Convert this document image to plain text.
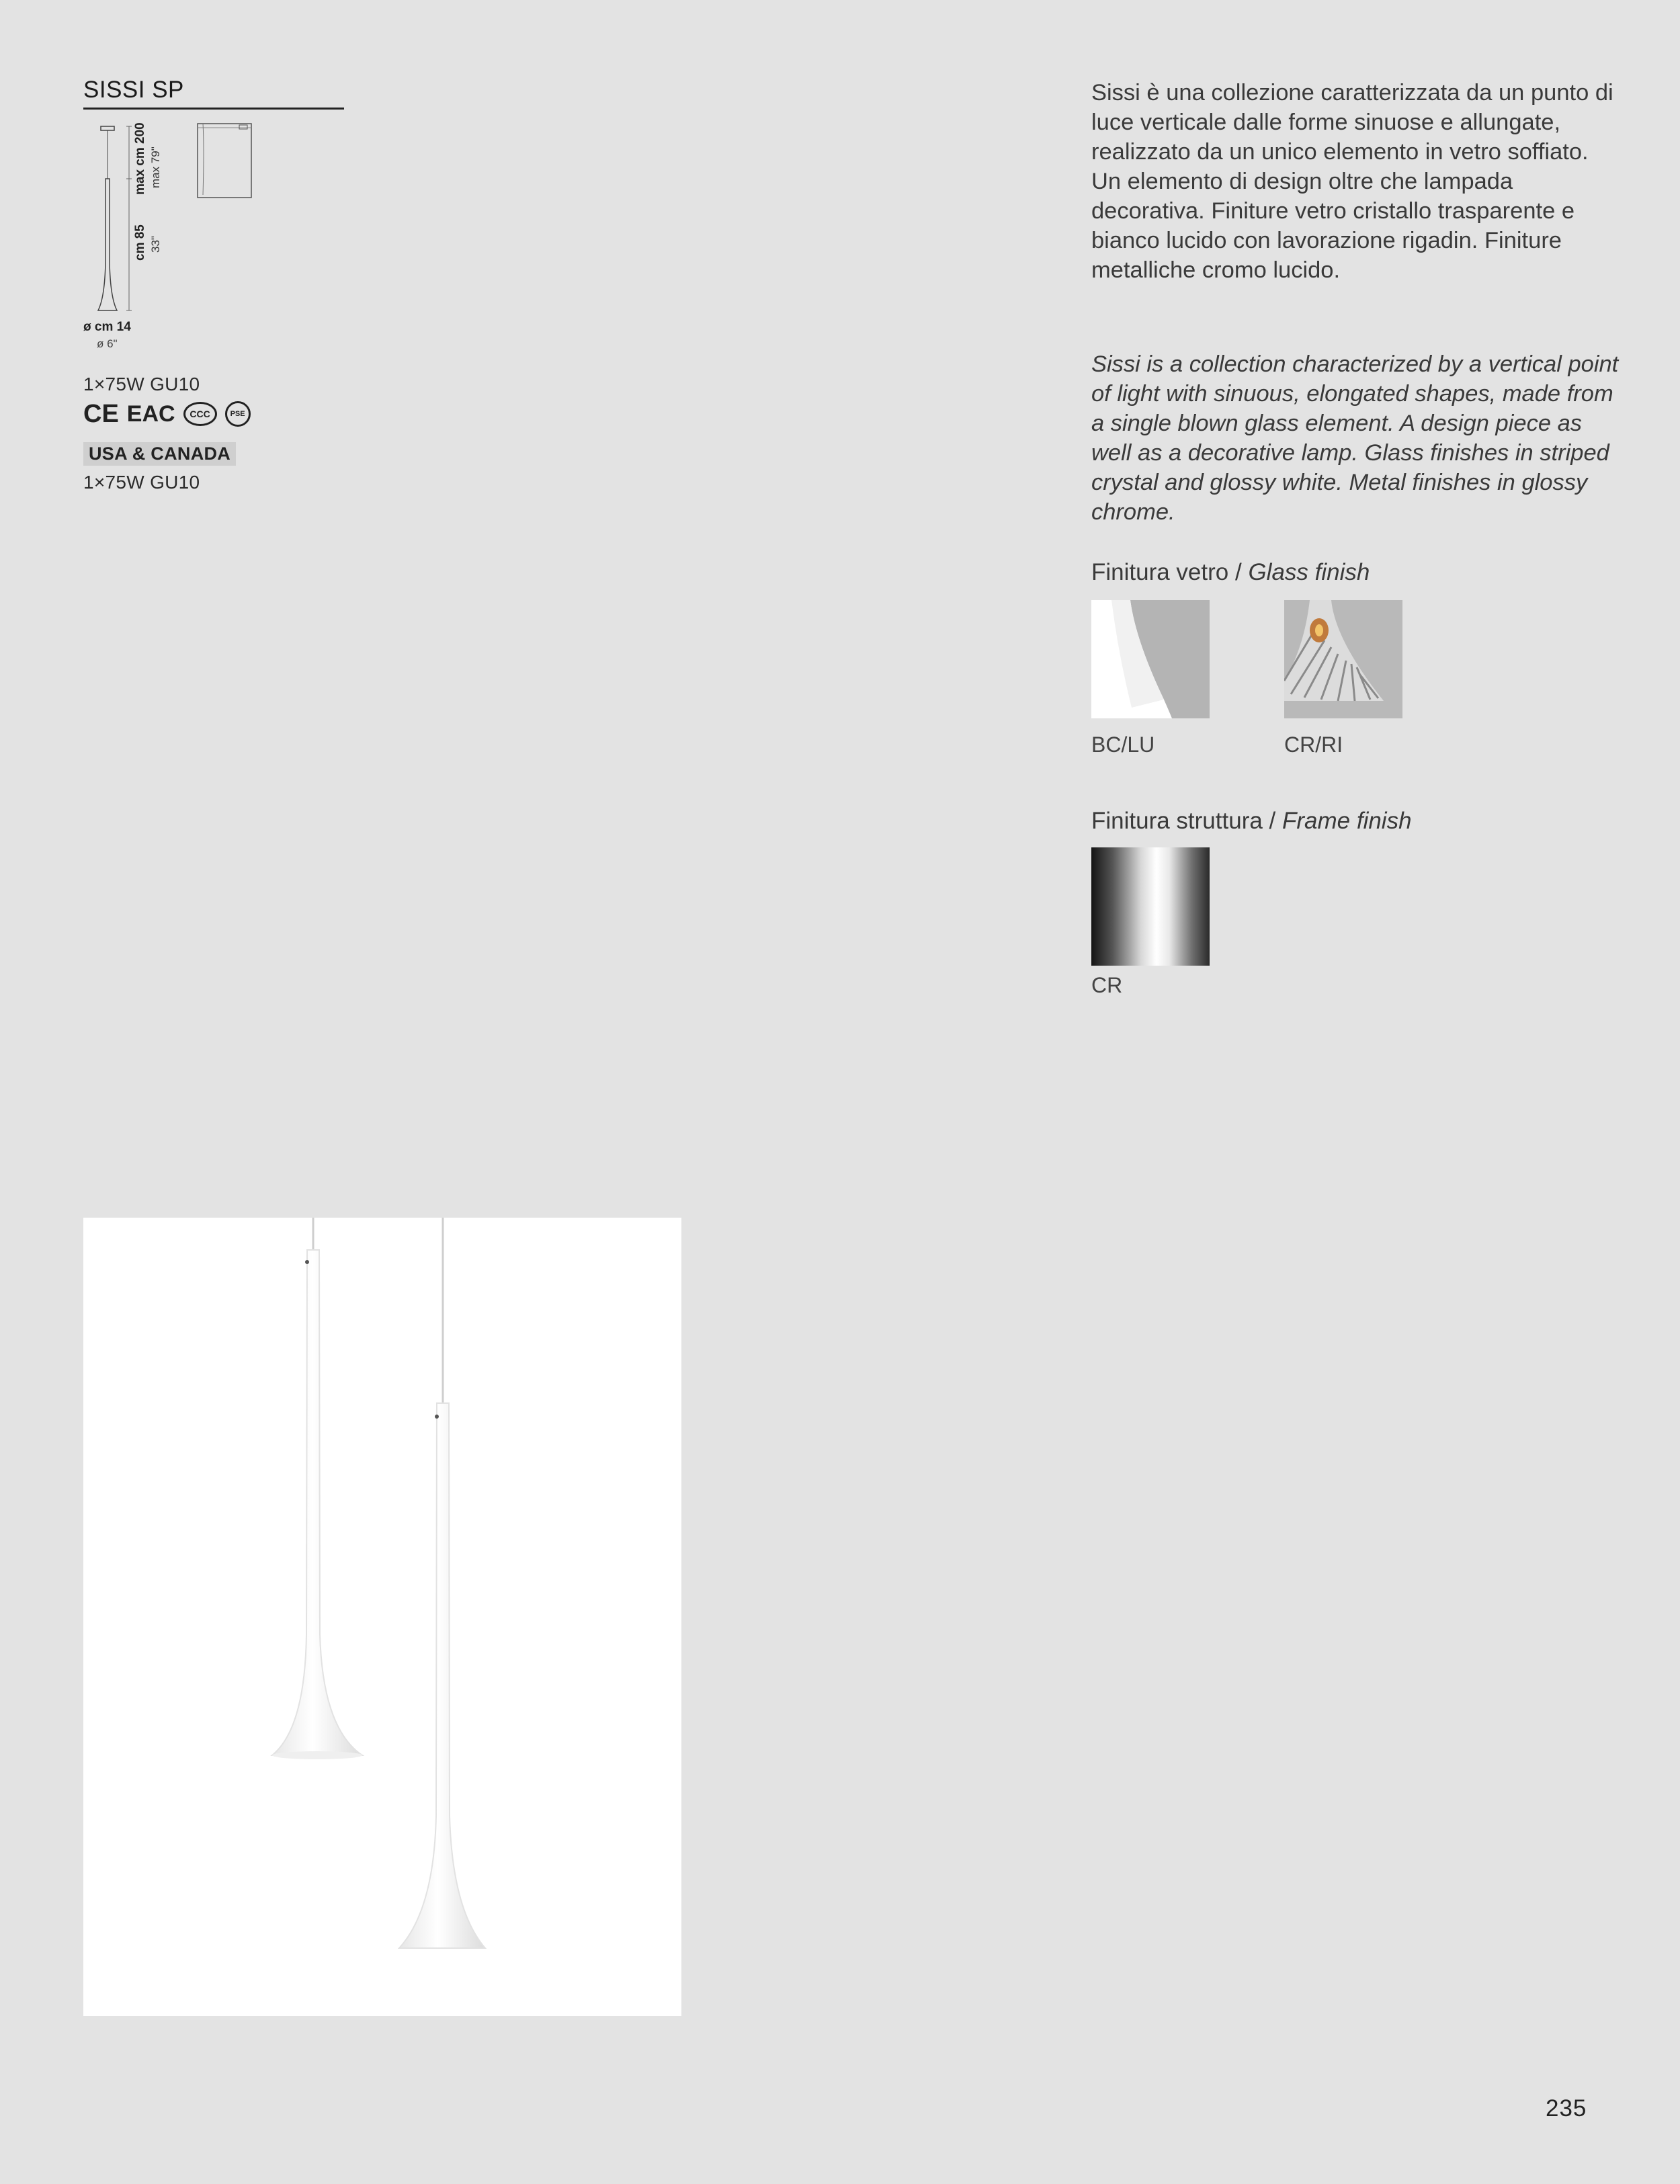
SISSI SP
max cm 200 max 79"
cm 85 33"
ø cm 14
ø 6"
1×75W GU10
CE EAC	CCC	PSE
USA & CANADA
1×75W GU10
Sissi è una collezione caratterizzata da un punto di luce verticale dalle forme sinuose e allungate, realizzato da un unico elemento in vetro soffiato. Un elemento di design oltre che lampada decorativa. Finiture vetro cristallo trasparente e bianco lucido con lavorazione rigadin. Finiture metalliche cromo lucido.
Sissi is a collection characterized by a vertical point of light with sinuous, elongated shapes, made from a single blown glass element. A design piece as well as a decorative lamp. Glass finishes in striped crystal and glossy white. Metal finishes in glossy chrome.
Finitura vetro / Glass finish
BC/LU	CR/RI
Finitura struttura / Frame finish
CR
235
